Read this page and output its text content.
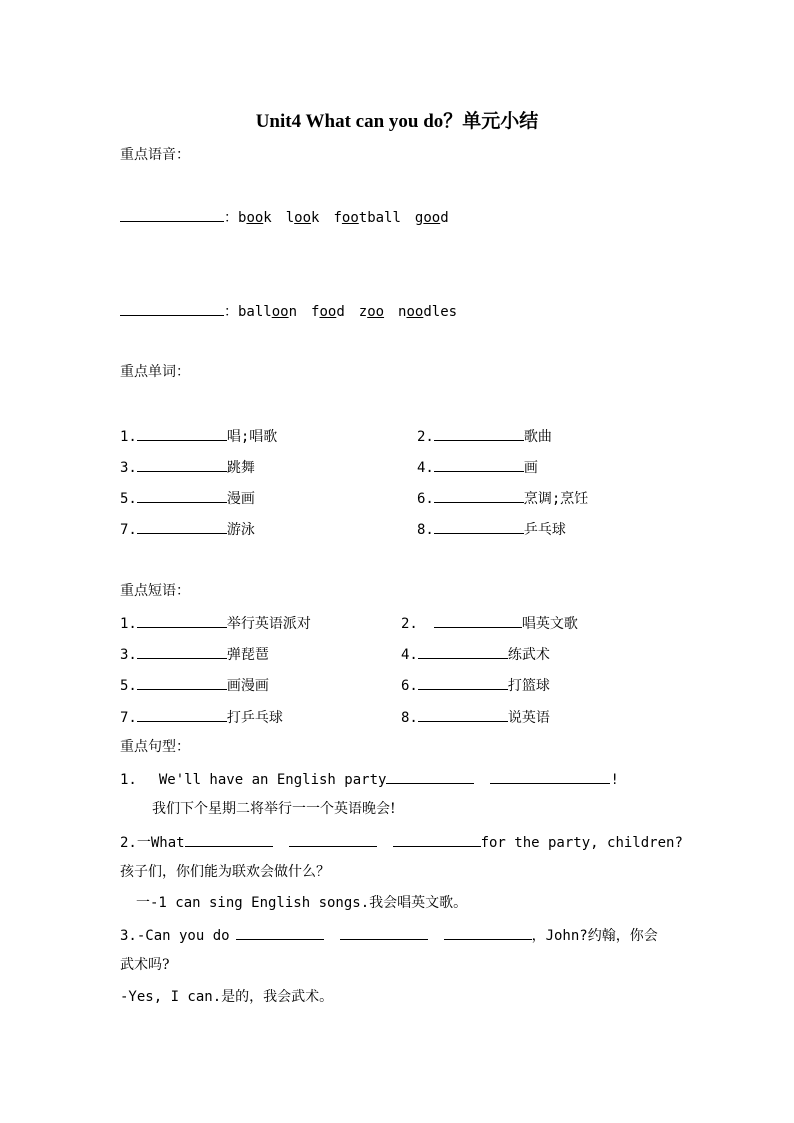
Unit4 What can you do？单元小结
重点语音：
：book look football good
：balloon food zoo noodles
重点单词：
1.	唱;唱歌	2.	歌曲
3.	跳舞	4.	画
5.	漫画	6.	烹调;烹饪
7.	游泳	8.	乒乓球
重点短语：
1.	举行英语派对	2.	唱英文歌
3.	弹琵琶	4.	练武术
5.	画漫画	6.	打篮球
7.	打乒乓球	8.	说英语
重点句型：
1. We'll have an English party	!
我们下个星期二将举行一一个英语晚会!
2.一What	for the party, children?
孩子们，你们能为联欢会做什么？
一-1 can sing English songs.我会唱英文歌。
3.-Can you do	，John?约翰，你会
武术吗?
-Yes, I can.是的，我会武术。
